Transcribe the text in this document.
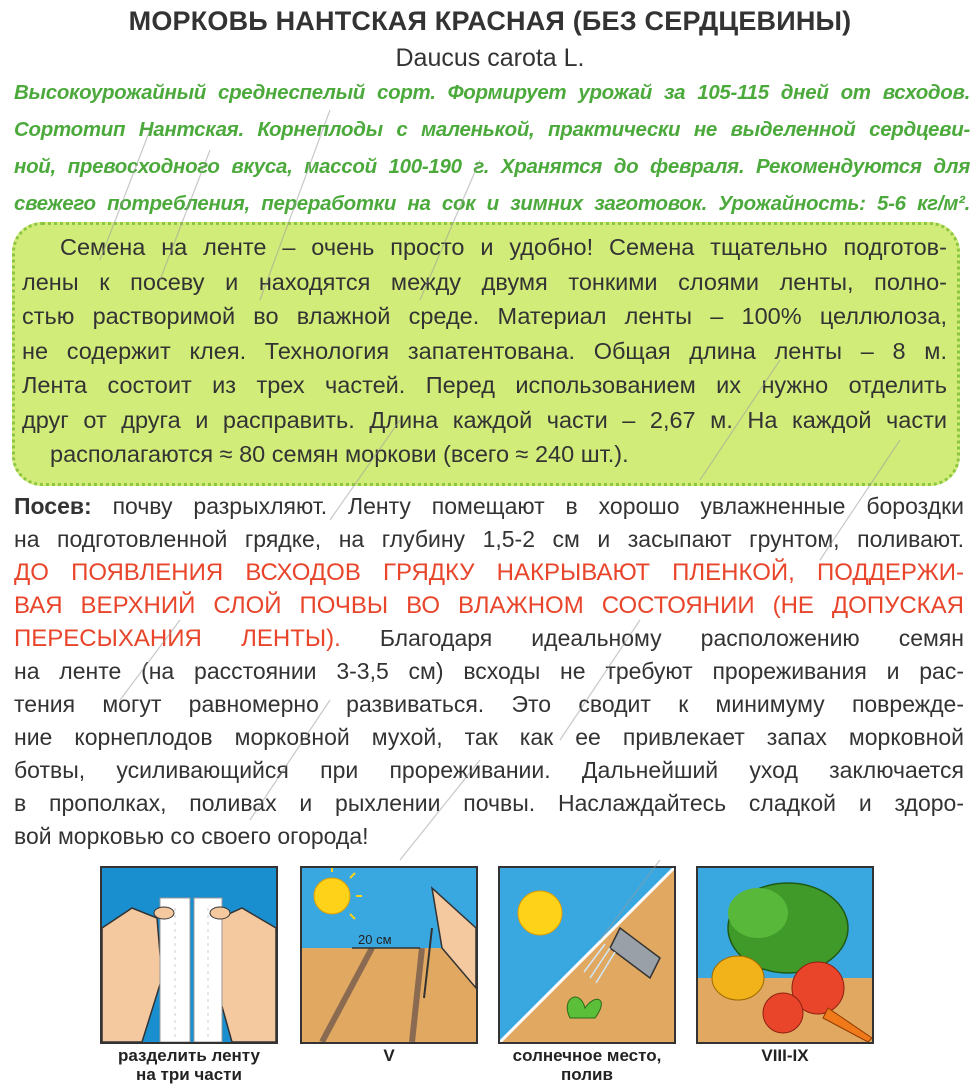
МОРКОВЬ НАНТСКАЯ КРАСНАЯ (БЕЗ СЕРДЦЕВИНЫ)
Daucus carota L.
Высокоурожайный среднеспелый сорт. Формирует урожай за 105-115 дней от всходов.
Сортотип Нантская. Корнеплоды с маленькой, практически не выделенной сердцеви-
ной, превосходного вкуса, массой 100-190 г. Хранятся до февраля. Рекомендуются для
свежего потребления, переработки на сок и зимних заготовок. Урожайность: 5-6 кг/м².
Семена на ленте – очень просто и удобно! Семена тщательно подготов-
лены к посеву и находятся между двумя тонкими слоями ленты, полно-
стью растворимой во влажной среде. Материал ленты – 100% целлюлоза,
не содержит клея. Технология запатентована. Общая длина ленты – 8 м.
Лента состоит из трех частей. Перед использованием их нужно отделить
друг от друга и расправить. Длина каждой части – 2,67 м. На каждой части
располагаются ≈ 80 семян моркови (всего ≈ 240 шт.).
Посев: почву разрыхляют. Ленту помещают в хорошо увлажненные бороздки
на подготовленной грядке, на глубину 1,5-2 см и засыпают грунтом, поливают.
ДО ПОЯВЛЕНИЯ ВСХОДОВ ГРЯДКУ НАКРЫВАЮТ ПЛЕНКОЙ, ПОДДЕРЖИ-
ВАЯ ВЕРХНИЙ СЛОЙ ПОЧВЫ ВО ВЛАЖНОМ СОСТОЯНИИ (НЕ ДОПУСКАЯ
ПЕРЕСЫХАНИЯ ЛЕНТЫ). Благодаря идеальному расположению семян
на ленте (на расстоянии 3-3,5 см) всходы не требуют прореживания и рас-
тения могут равномерно развиваться. Это сводит к минимуму поврежде-
ние корнеплодов морковной мухой, так как ее привлекает запах морковной
ботвы, усиливающийся при прореживании. Дальнейший уход заключается
в прополках, поливах и рыхлении почвы. Наслаждайтесь сладкой и здоро-
вой морковью со своего огорода!
разделить ленту
на три части
20 см
V	солнечное место,
полив
VIII-IX
